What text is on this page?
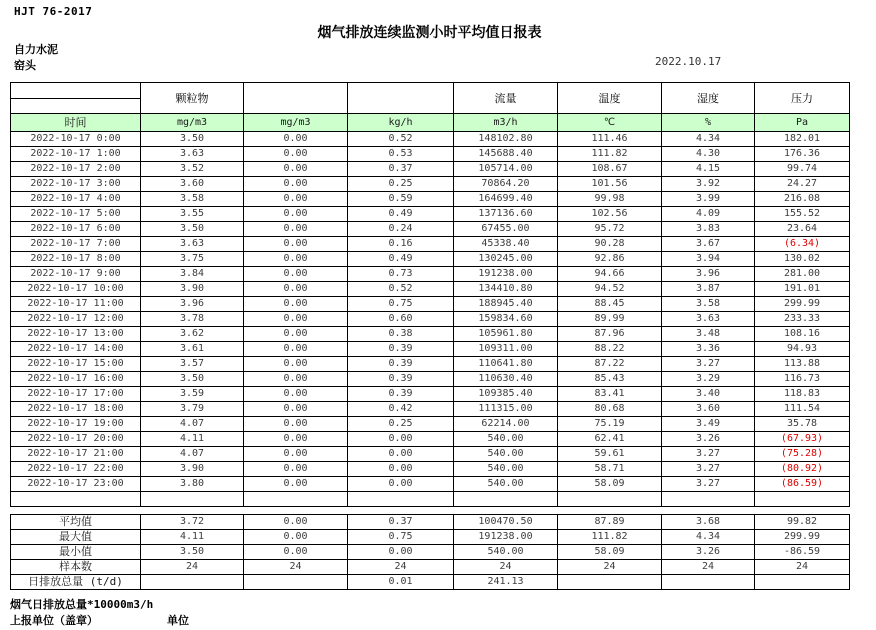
HJT 76-2017
烟气排放连续监测小时平均值日报表
自力水泥
窑头	2022.10.17
	颗粒物			流量	温度	湿度	压力

时间	mg/m3	mg/m3	kg/h	m3/h	℃	%	Pa
2022-10-17 0:00	3.50	0.00	0.52	148102.80	111.46	4.34	182.01
2022-10-17 1:00	3.63	0.00	0.53	145688.40	111.82	4.30	176.36
2022-10-17 2:00	3.52	0.00	0.37	105714.00	108.67	4.15	99.74
2022-10-17 3:00	3.60	0.00	0.25	70864.20	101.56	3.92	24.27
2022-10-17 4:00	3.58	0.00	0.59	164699.40	99.98	3.99	216.08
2022-10-17 5:00	3.55	0.00	0.49	137136.60	102.56	4.09	155.52
2022-10-17 6:00	3.50	0.00	0.24	67455.00	95.72	3.83	23.64
2022-10-17 7:00	3.63	0.00	0.16	45338.40	90.28	3.67	(6.34)
2022-10-17 8:00	3.75	0.00	0.49	130245.00	92.86	3.94	130.02
2022-10-17 9:00	3.84	0.00	0.73	191238.00	94.66	3.96	281.00
2022-10-17 10:00	3.90	0.00	0.52	134410.80	94.52	3.87	191.01
2022-10-17 11:00	3.96	0.00	0.75	188945.40	88.45	3.58	299.99
2022-10-17 12:00	3.78	0.00	0.60	159834.60	89.99	3.63	233.33
2022-10-17 13:00	3.62	0.00	0.38	105961.80	87.96	3.48	108.16
2022-10-17 14:00	3.61	0.00	0.39	109311.00	88.22	3.36	94.93
2022-10-17 15:00	3.57	0.00	0.39	110641.80	87.22	3.27	113.88
2022-10-17 16:00	3.50	0.00	0.39	110630.40	85.43	3.29	116.73
2022-10-17 17:00	3.59	0.00	0.39	109385.40	83.41	3.40	118.83
2022-10-17 18:00	3.79	0.00	0.42	111315.00	80.68	3.60	111.54
2022-10-17 19:00	4.07	0.00	0.25	62214.00	75.19	3.49	35.78
2022-10-17 20:00	4.11	0.00	0.00	540.00	62.41	3.26	(67.93)
2022-10-17 21:00	4.07	0.00	0.00	540.00	59.61	3.27	(75.28)
2022-10-17 22:00	3.90	0.00	0.00	540.00	58.71	3.27	(80.92)
2022-10-17 23:00	3.80	0.00	0.00	540.00	58.09	3.27	(86.59)

平均值	3.72	0.00	0.37	100470.50	87.89	3.68	99.82
最大值	4.11	0.00	0.75	191238.00	111.82	4.34	299.99
最小值	3.50	0.00	0.00	540.00	58.09	3.26	-86.59
样本数	24	24	24	24	24	24	24
日排放总量 (t/d)			0.01	241.13			
烟气日排放总量*10000m3/h
上报单位（盖章）	单位
